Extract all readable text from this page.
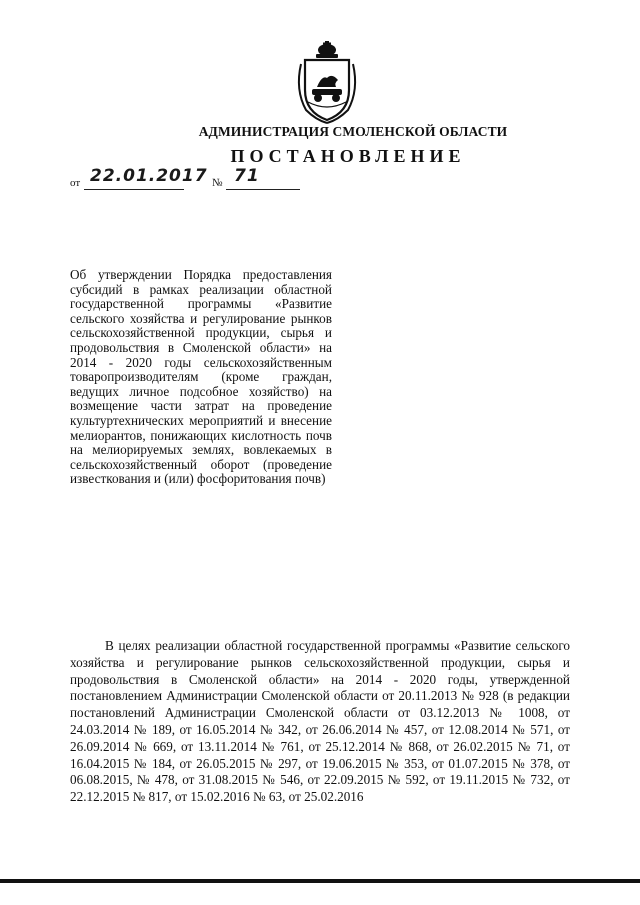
АДМИНИСТРАЦИЯ СМОЛЕНСКОЙ ОБЛАСТИ
ПОСТАНОВЛЕНИЕ
от 22.01.2017 № 71
Об утверждении Порядка предоставления субсидий в рамках реализации областной государственной программы «Развитие сельского хозяйства и регулирование рынков сельскохозяйственной продукции, сырья и продовольствия в Смоленской области» на 2014 - 2020 годы сельскохозяйственным товаропроизводителям (кроме граждан, ведущих личное подсобное хозяйство) на возмещение части затрат на проведение культуртехнических мероприятий и внесение мелиорантов, понижающих кислотность почв на мелиорируемых землях, вовлекаемых в сельскохозяйственный оборот (проведение известкования и (или) фосфоритования почв)
В целях реализации областной государственной программы «Развитие сельского хозяйства и регулирование рынков сельскохозяйственной продукции, сырья и продовольствия в Смоленской области» на 2014 - 2020 годы, утвержденной постановлением Администрации Смоленской области от 20.11.2013 № 928 (в редакции постановлений Администрации Смоленской области от 03.12.2013 № 1008, от 24.03.2014 № 189, от 16.05.2014 № 342, от 26.06.2014 № 457, от 12.08.2014 № 571, от 26.09.2014 № 669, от 13.11.2014 № 761, от 25.12.2014 № 868, от 26.02.2015 № 71, от 16.04.2015 № 184, от 26.05.2015 № 297, от 19.06.2015 № 353, от 01.07.2015 № 378, от 06.08.2015, № 478, от 31.08.2015 № 546, от 22.09.2015 № 592, от 19.11.2015 № 732, от 22.12.2015 № 817, от 15.02.2016 № 63, от 25.02.2016
